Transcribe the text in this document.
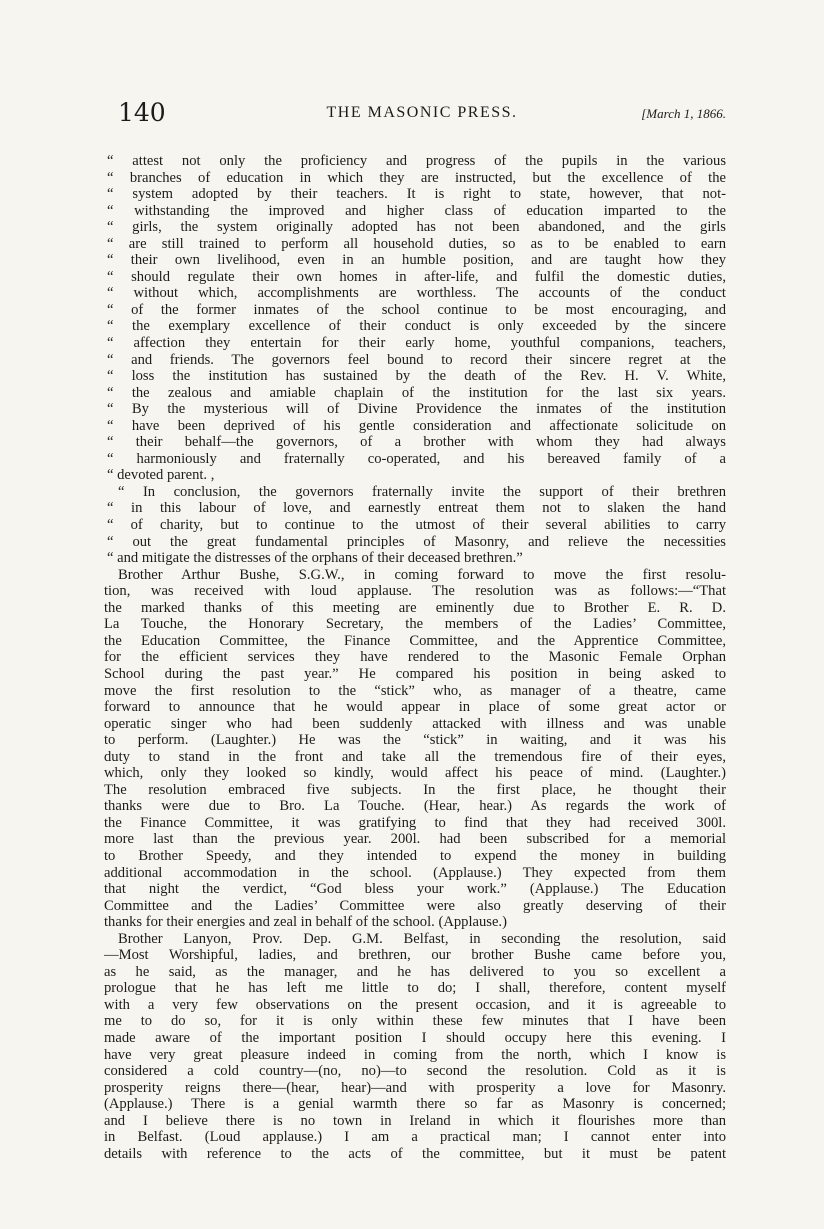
140	THE MASONIC PRESS.	[March 1, 1866.
“ attest not only the proficiency and progress of the pupils in the various
“ branches of education in which they are instructed, but the excellence of the
“ system adopted by their teachers. It is right to state, however, that not-
“ withstanding the improved and higher class of education imparted to the
“ girls, the system originally adopted has not been abandoned, and the girls
“ are still trained to perform all household duties, so as to be enabled to earn
“ their own livelihood, even in an humble position, and are taught how they
“ should regulate their own homes in after-life, and fulfil the domestic duties,
“ without which, accomplishments are worthless. The accounts of the conduct
“ of the former inmates of the school continue to be most encouraging, and
“ the exemplary excellence of their conduct is only exceeded by the sincere
“ affection they entertain for their early home, youthful companions, teachers,
“ and friends. The governors feel bound to record their sincere regret at the
“ loss the institution has sustained by the death of the Rev. H. V. White,
“ the zealous and amiable chaplain of the institution for the last six years.
“ By the mysterious will of Divine Providence the inmates of the institution
“ have been deprived of his gentle consideration and affectionate solicitude on
“ their behalf—the governors, of a brother with whom they had always
“ harmoniously and fraternally co-operated, and his bereaved family of a
“ devoted parent. ,
“ In conclusion, the governors fraternally invite the support of their brethren
“ in this labour of love, and earnestly entreat them not to slaken the hand
“ of charity, but to continue to the utmost of their several abilities to carry
“ out the great fundamental principles of Masonry, and relieve the necessities
“ and mitigate the distresses of the orphans of their deceased brethren.”
Brother Arthur Bushe, S.G.W., in coming forward to move the first resolu-
tion, was received with loud applause. The resolution was as follows:—“That
the marked thanks of this meeting are eminently due to Brother E. R. D.
La Touche, the Honorary Secretary, the members of the Ladies’ Committee,
the Education Committee, the Finance Committee, and the Apprentice Committee,
for the efficient services they have rendered to the Masonic Female Orphan
School during the past year.” He compared his position in being asked to
move the first resolution to the “stick” who, as manager of a theatre, came
forward to announce that he would appear in place of some great actor or
operatic singer who had been suddenly attacked with illness and was unable
to perform. (Laughter.) He was the “stick” in waiting, and it was his
duty to stand in the front and take all the tremendous fire of their eyes,
which, only they looked so kindly, would affect his peace of mind. (Laughter.)
The resolution embraced five subjects. In the first place, he thought their
thanks were due to Bro. La Touche. (Hear, hear.) As regards the work of
the Finance Committee, it was gratifying to find that they had received 300l.
more last than the previous year. 200l. had been subscribed for a memorial
to Brother Speedy, and they intended to expend the money in building
additional accommodation in the school. (Applause.) They expected from them
that night the verdict, “God bless your work.” (Applause.) The Education
Committee and the Ladies’ Committee were also greatly deserving of their
thanks for their energies and zeal in behalf of the school. (Applause.)
Brother Lanyon, Prov. Dep. G.M. Belfast, in seconding the resolution, said
—Most Worshipful, ladies, and brethren, our brother Bushe came before you,
as he said, as the manager, and he has delivered to you so excellent a
prologue that he has left me little to do; I shall, therefore, content myself
with a very few observations on the present occasion, and it is agreeable to
me to do so, for it is only within these few minutes that I have been
made aware of the important position I should occupy here this evening. I
have very great pleasure indeed in coming from the north, which I know is
considered a cold country—(no, no)—to second the resolution. Cold as it is
prosperity reigns there—(hear, hear)—and with prosperity a love for Masonry.
(Applause.) There is a genial warmth there so far as Masonry is concerned;
and I believe there is no town in Ireland in which it flourishes more than
in Belfast. (Loud applause.) I am a practical man; I cannot enter into
details with reference to the acts of the committee, but it must be patent
